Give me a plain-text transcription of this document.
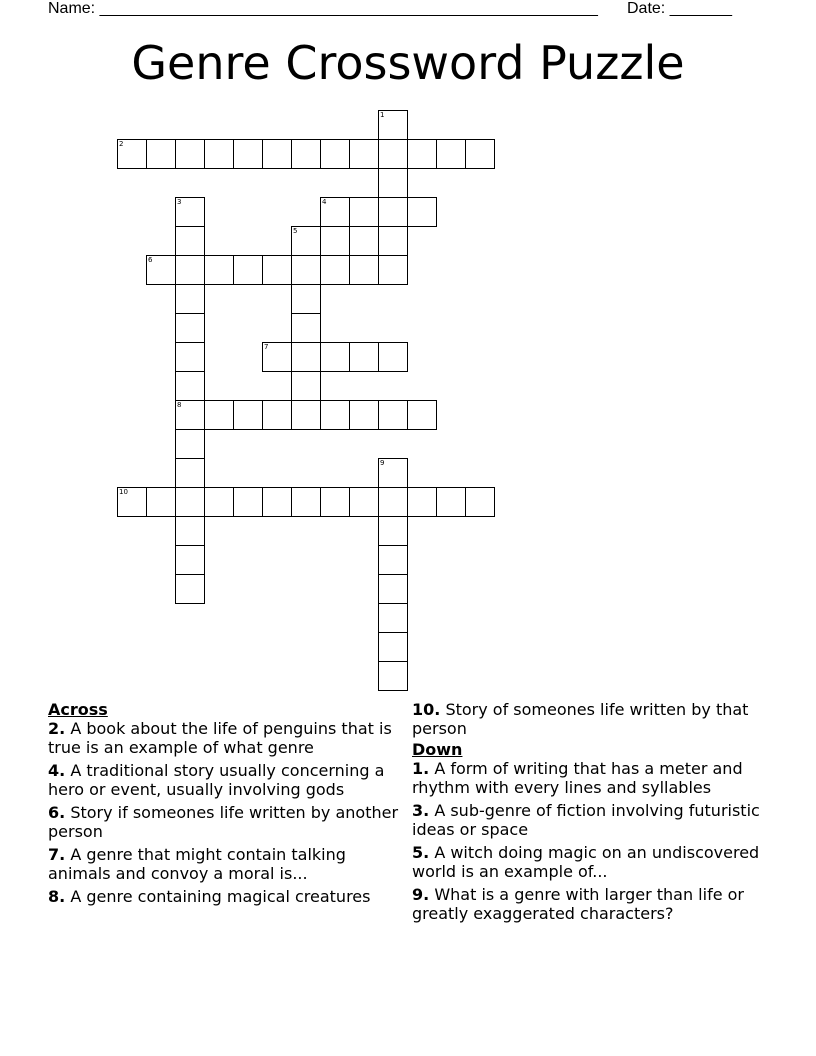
Name: ________________________________________________________ Date: _______
Genre Crossword Puzzle
1
2
3	4
5
6
7
8
9
10
Across
2. A book about the life of penguins that is true is an example of what genre
4. A traditional story usually concerning a hero or event, usually involving gods
6. Story if someones life written by another person
7. A genre that might contain talking animals and convoy a moral is...
8. A genre containing magical creatures
10. Story of someones life written by that person
Down
1. A form of writing that has a meter and rhythm with every lines and syllables
3. A sub-genre of fiction involving futuristic ideas or space
5. A witch doing magic on an undiscovered world is an example of...
9. What is a genre with larger than life or greatly exaggerated characters?
